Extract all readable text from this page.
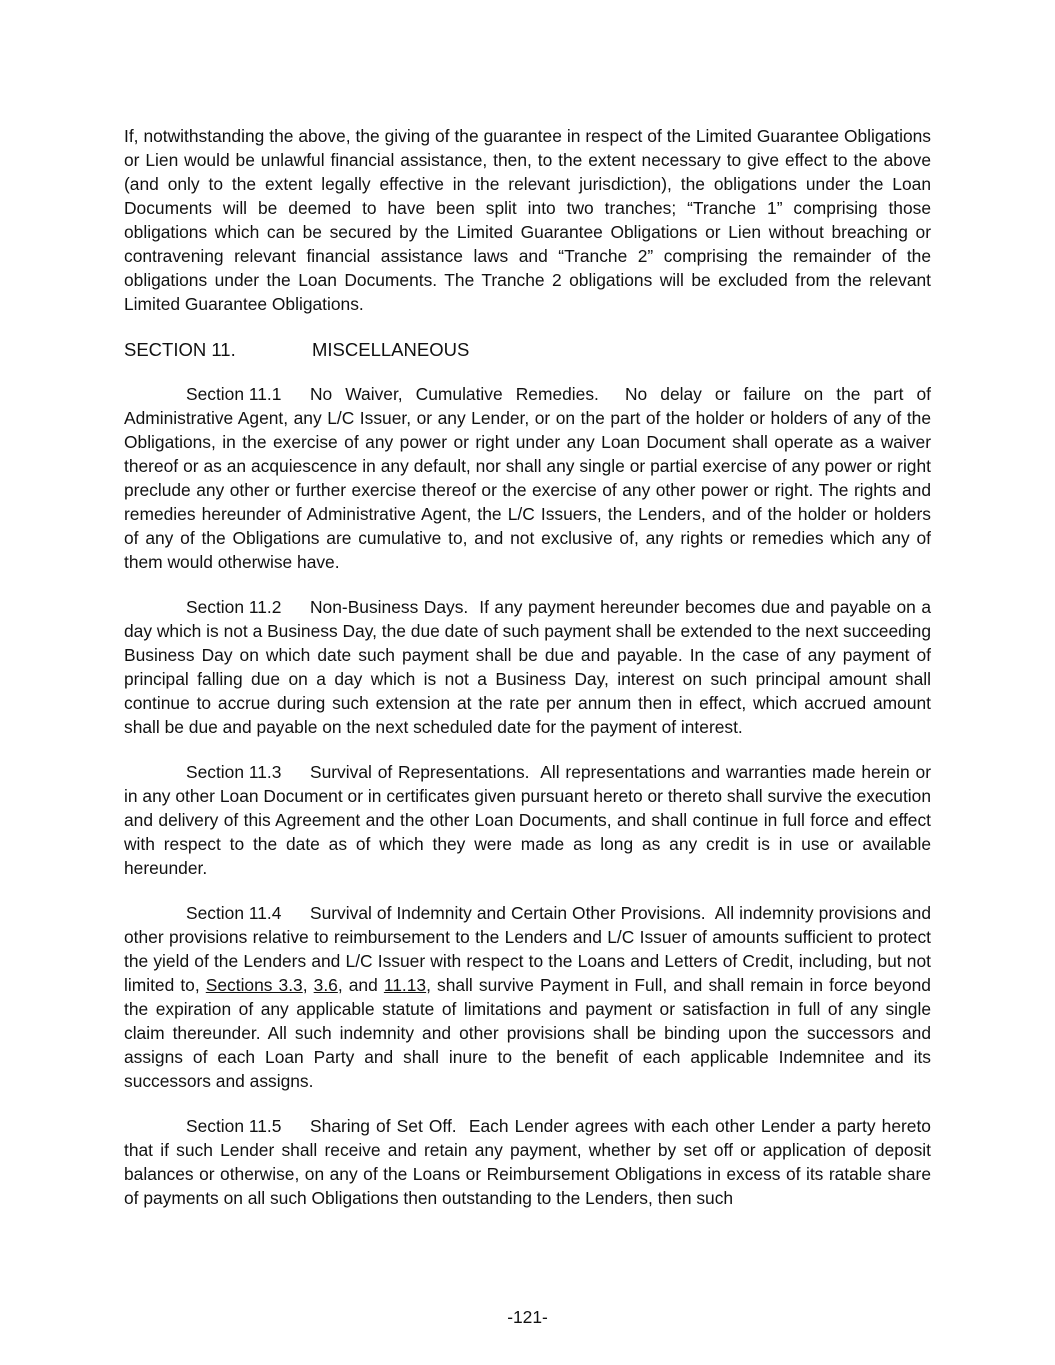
If, notwithstanding the above, the giving of the guarantee in respect of the Limited Guarantee Obligations or Lien would be unlawful financial assistance, then, to the extent necessary to give effect to the above (and only to the extent legally effective in the relevant jurisdiction), the obligations under the Loan Documents will be deemed to have been split into two tranches; “Tranche 1” comprising those obligations which can be secured by the Limited Guarantee Obligations or Lien without breaching or contravening relevant financial assistance laws and “Tranche 2” comprising the remainder of the obligations under the Loan Documents. The Tranche 2 obligations will be excluded from the relevant Limited Guarantee Obligations.

SECTION 11.	MISCELLANEOUS

Section 11.1 No Waiver, Cumulative Remedies. No delay or failure on the part of Administrative Agent, any L/C Issuer, or any Lender, or on the part of the holder or holders of any of the Obligations, in the exercise of any power or right under any Loan Document shall operate as a waiver thereof or as an acquiescence in any default, nor shall any single or partial exercise of any power or right preclude any other or further exercise thereof or the exercise of any other power or right. The rights and remedies hereunder of Administrative Agent, the L/C Issuers, the Lenders, and of the holder or holders of any of the Obligations are cumulative to, and not exclusive of, any rights or remedies which any of them would otherwise have.

Section 11.2 Non-Business Days. If any payment hereunder becomes due and payable on a day which is not a Business Day, the due date of such payment shall be extended to the next succeeding Business Day on which date such payment shall be due and payable. In the case of any payment of principal falling due on a day which is not a Business Day, interest on such principal amount shall continue to accrue during such extension at the rate per annum then in effect, which accrued amount shall be due and payable on the next scheduled date for the payment of interest.

Section 11.3 Survival of Representations. All representations and warranties made herein or in any other Loan Document or in certificates given pursuant hereto or thereto shall survive the execution and delivery of this Agreement and the other Loan Documents, and shall continue in full force and effect with respect to the date as of which they were made as long as any credit is in use or available hereunder.

Section 11.4 Survival of Indemnity and Certain Other Provisions. All indemnity provisions and other provisions relative to reimbursement to the Lenders and L/C Issuer of amounts sufficient to protect the yield of the Lenders and L/C Issuer with respect to the Loans and Letters of Credit, including, but not limited to, Sections 3.3, 3.6, and 11.13, shall survive Payment in Full, and shall remain in force beyond the expiration of any applicable statute of limitations and payment or satisfaction in full of any single claim thereunder. All such indemnity and other provisions shall be binding upon the successors and assigns of each Loan Party and shall inure to the benefit of each applicable Indemnitee and its successors and assigns.

Section 11.5 Sharing of Set Off. Each Lender agrees with each other Lender a party hereto that if such Lender shall receive and retain any payment, whether by set off or application of deposit balances or otherwise, on any of the Loans or Reimbursement Obligations in excess of its ratable share of payments on all such Obligations then outstanding to the Lenders, then such

-121-
